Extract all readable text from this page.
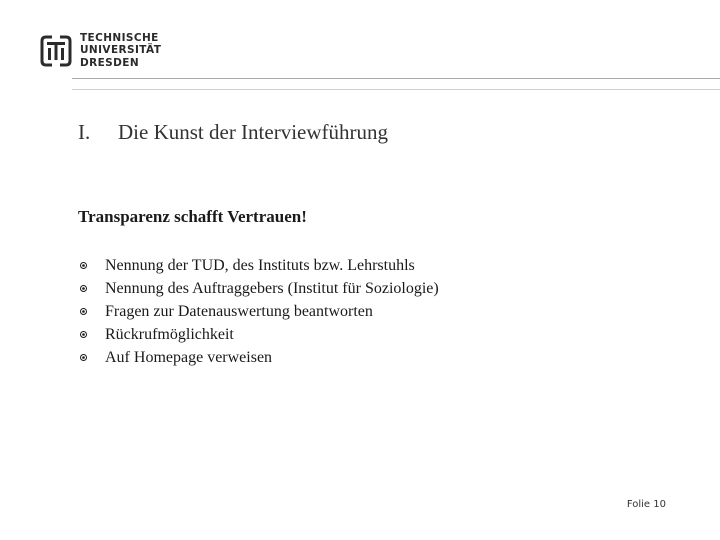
TECHNISCHE
UNIVERSITÄT
DRESDEN
I. Die Kunst der Interviewführung
Transparenz schafft Vertrauen!
Nennung der TUD, des Instituts bzw. Lehrstuhls
Nennung des Auftraggebers (Institut für Soziologie)
Fragen zur Datenauswertung beantworten
Rückrufmöglichkeit
Auf Homepage verweisen
Folie 10
